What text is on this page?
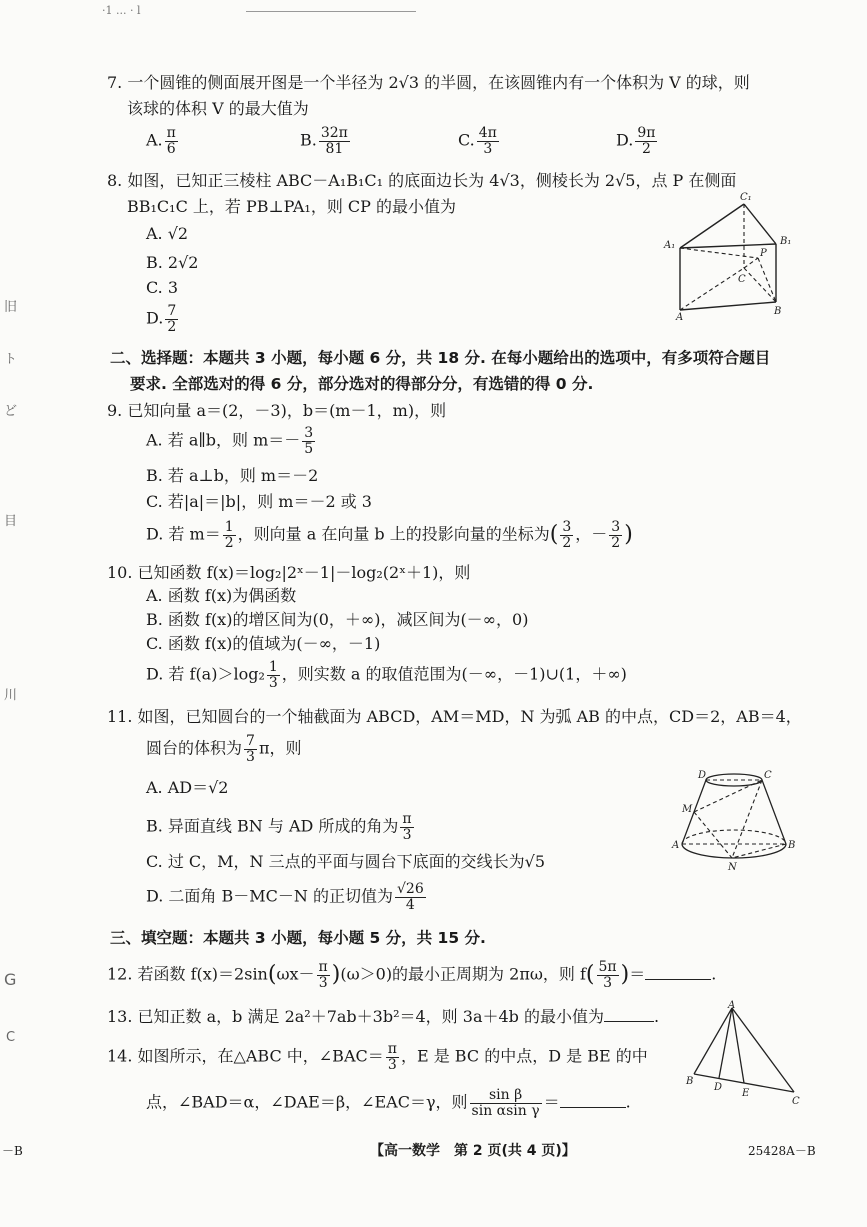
·1 ... · l
旧
ト
ど
目
川
G
C
7. 一个圆锥的侧面展开图是一个半径为 2√3 的半圆，在该圆锥内有一个体积为 V 的球，则
该球的体积 V 的最大值为
A. $\frac{\pi}{6}$	B. $\frac{32\pi}{81}$	C. $\frac{4\pi}{3}$	D. $\frac{9\pi}{2}$
8. 如图，已知正三棱柱 ABC－A₁B₁C₁ 的底面边长为 4√3，侧棱长为 2√5，点 P 在侧面
BB₁C₁C 上，若 PB⊥PA₁，则 CP 的最小值为
A. √2
B. 2√2
C. 3
D. $\frac{7}{2}$
C₁
A₁	B₁
P
C
A
B
二、选择题：本题共 3 小题，每小题 6 分，共 18 分. 在每小题给出的选项中，有多项符合题目
要求. 全部选对的得 6 分，部分选对的得部分分，有选错的得 0 分.
9. 已知向量 a＝(2，－3)，b＝(m－1，m)，则
A. 若 a∥b，则 $m=- \frac{3}{5}$
B. 若 a⊥b，则 m＝－2
C. 若|a|＝|b|，则 m＝－2 或 3
D. 若 $m= \frac{1}{2}$ ，则向量 a 在向量 b 上的投影向量的坐标为( $\frac{3}{2}$ ，－ $\frac{3}{2}$ )
10. 已知函数 f(x)＝log₂|2ˣ－1|－log₂(2ˣ＋1)，则
A. 函数 f(x)为偶函数
B. 函数 f(x)的增区间为(0，＋∞)，减区间为(－∞，0)
C. 函数 f(x)的值域为(－∞，－1)
D. 若 $f(a)>\log_2 \frac{1}{3}$ ，则实数 a 的取值范围为(－∞，－1)∪(1，＋∞)
11. 如图，已知圆台的一个轴截面为 ABCD，AM＝MD，N 为弧 AB 的中点，CD＝2，AB＝4，
圆台的体积为 $\frac{7}{3}$ π，则
A. AD＝√2
B. 异面直线 BN 与 AD 所成的角为 $\frac{\pi}{3}$
C. 过 C，M，N 三点的平面与圆台下底面的交线长为√5
D. 二面角 B－MC－N 的正切值为 $\frac{√26}{4}$
D	C
M
A	B
N
三、填空题：本题共 3 小题，每小题 5 分，共 15 分.
12. 若函数 $f(x)=2\sin(\omega x- \frac{\pi}{3} )(\omega>0)$的最小正周期为 2πω，则 $f( \frac{5\pi}{3}$ )＝	.
13. 已知正数 a，b 满足 2a²＋7ab＋3b²＝4，则 3a＋4b 的最小值为	.
14. 如图所示，在△ABC 中，∠BAC＝ $\frac{\pi}{3}$ ，E 是 BC 的中点，D 是 BE 的中
点，∠BAD＝α，∠DAE＝β，∠EAC＝γ，则 $\frac{\text{sin β}}{\text{sin αsin γ}}$ ＝	.
A
B
D
E
C
－B	【高一数学　第 2 页(共 4 页)】	25428A－B
